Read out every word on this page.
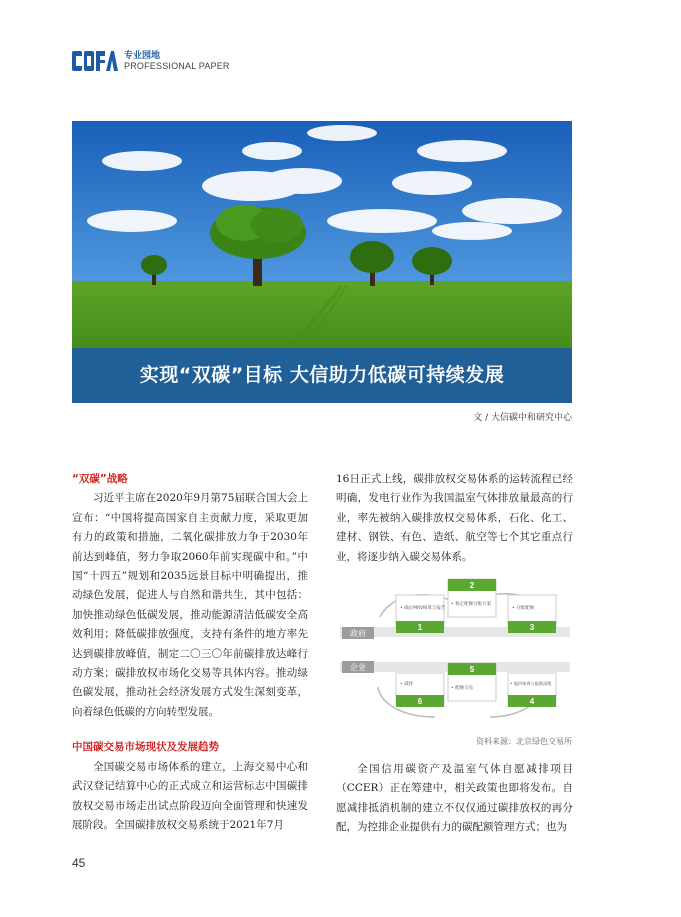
专业园地
PROFESSIONAL PAPER
实现“双碳”目标 大信助力低碳可持续发展
文 / 大信碳中和研究中心

“双碳”战略

习近平主席在2020年9月第75届联合国大会上宣布：“中国将提高国家自主贡献力度，采取更加有力的政策和措施，二氧化碳排放力争于2030年前达到峰值，努力争取2060年前实现碳中和。”中国“十四五”规划和2035远景目标中明确提出，推动绿色发展，促进人与自然和谐共生，其中包括：加快推动绿色低碳发展，推动能源清洁低碳安全高效利用；降低碳排放强度，支持有条件的地方率先达到碳排放峰值，制定二〇三〇年前碳排放达峰行动方案；碳排放权市场化交易等具体内容。推动绿色碳发展，推动社会经济发展方式发生深刻变革，向着绿色低碳的方向转型发展。

中国碳交易市场现状及发展趋势

全国碳交易市场体系的建立，上海交易中心和武汉登记结算中心的正式成立和运营标志中国碳排放权交易市场走出试点阶段迈向全面管理和快速发展阶段。全国碳排放权交易系统于2021年7月

16日正式上线，碳排放权交易体系的运转流程已经明确，发电行业作为我国温室气体排放量最高的行业，率先被纳入碳排放权交易体系，石化、化工、建材、钢铁、有色、造纸、航空等七个其它重点行业，将逐步纳入碳交易体系。

政府
企业
• 确定MRV核算与报告
1
2
• 核定配额分配方案
• 分配配额
3
• 减排
6
5
• 配额交易
• 履约核查与配额清缴
4
资料来源：北京绿色交易所

全国信用碳资产及温室气体自愿减排项目（CCER）正在筹建中，相关政策也即将发布。自愿减排抵消机制的建立不仅仅通过碳排放权的再分配，为控排企业提供有力的碳配额管理方式；也为

45
